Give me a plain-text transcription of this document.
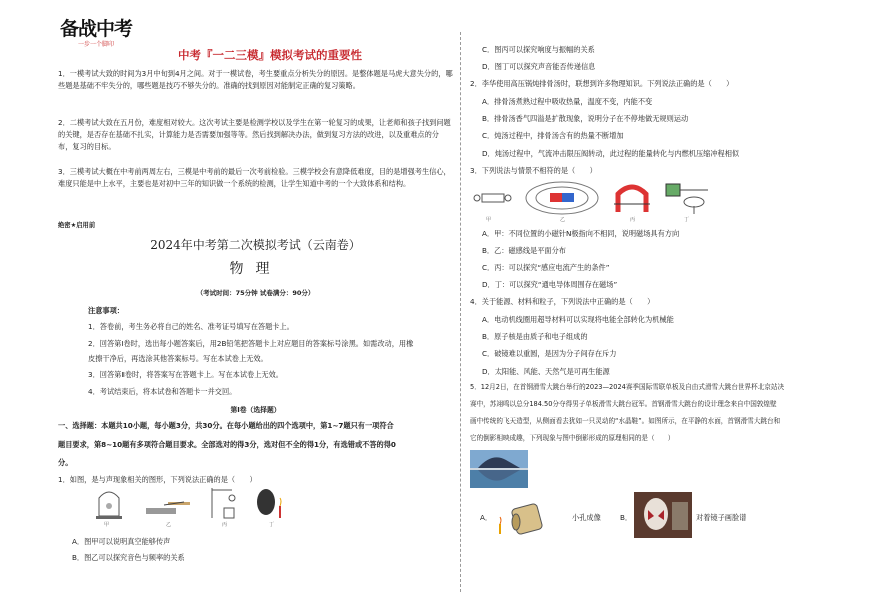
备战中考
一步一个脚印
中考『一二三模』模拟考试的重要性

1．一模考试大致的时间为3月中旬到4月之间。对于一模试卷，考生要重点分析失分的原因。是整体题是马虎大意失分的，哪些题是基础不牢失分的，哪些题是技巧不够失分的。准确的找到原因对能制定正确的复习策略。

2．二模考试大致在五月份，难度相对较大。这次考试主要是检测学校以及学生在第一轮复习的成果，让老师和孩子找到问题的关键，是否存在基础不扎实，计算能力是否需要加强等等。然后找到解决办法，做到复习方法的改进，以及重难点的分布，复习的目标。

3．三模考试大概在中考前两周左右，三模是中考前的最后一次考前检验。三模学校会有意降低难度，目的是增强考生信心，难度只能是中上水平，主要也是对初中三年的知识做一个系统的检测，让学生知道中考的一个大致体系和结构。

绝密★启用前
2024年中考第二次模拟考试（云南卷）
物理
（考试时间：75分钟 试卷满分：90分）
注意事项：
1．答卷前，考生务必将自己的姓名、准考证号填写在答题卡上。
2．回答第Ⅰ卷时，选出每小题答案后，用2B铅笔把答题卡上对应题目的答案标号涂黑。如需改动，用橡
皮擦干净后，再选涂其他答案标号。写在本试卷上无效。
3．回答第Ⅱ卷时，将答案写在答题卡上。写在本试卷上无效。
4．考试结束后，将本试卷和答题卡一并交回。
第Ⅰ卷（选择题）
一、选择题：本题共10小题，每小题3分，共30分。在每小题给出的四个选项中，第1~7题只有一项符合
题目要求，第8~10题有多项符合题目要求。全部选对的得3分，选对但不全的得1分，有选错或不答的得0
分。
1．如图，是与声现象相关的图形，下列说法正确的是（　　）
甲	乙	丙	丁
A．图甲可以说明真空能够传声
B．图乙可以探究音色与频率的关系
C．图丙可以探究响度与振幅的关系
D．图丁可以探究声音能否传递信息
2．李华使用高压锅炖排骨汤时，联想到许多物理知识。下列说法正确的是（　　）
A．排骨汤煮熟过程中吸收热量，温度不变，内能不变
B．排骨汤香气四溢是扩散现象，说明分子在不停地做无规则运动
C．炖汤过程中，排骨汤含有的热量不断增加
D．炖汤过程中，气流冲击限压阀转动，此过程的能量转化与内燃机压缩冲程相似
3．下列说法与情景不相符的是（　　）
甲	乙	丙	丁
A．甲：不同位置的小磁针N极指向不相同，说明磁场具有方向
B．乙：磁感线是平面分布
C．丙：可以探究“感应电流产生的条件”
D．丁：可以探究“通电导体周围存在磁场”
4．关于能源、材料和粒子，下列说法中正确的是（　　）
A．电动机线圈用超导材料可以实现将电能全部转化为机械能
B．原子核是由质子和电子组成的
C．破镜难以重圆，是因为分子间存在斥力
D．太阳能、风能、天然气是可再生能源
5．12月2日，在首钢滑雪大跳台举行的2023—2024赛季国际雪联单板及自由式滑雪大跳台世界杯北京站决
赛中，苏翊鸣以总分184.50分夺得男子单板滑雪大跳台冠军。首钢滑雪大跳台的设计理念来自中国敦煌壁
画中传统的飞天造型，从侧面看去犹如一只灵动的“水晶鞋”。如图所示，在平静的水面，首钢滑雪大跳台和
它的倒影相映成趣，下列现象与图中倒影形成的原理相同的是（　　）
A．	小孔成像	B．	对着镜子画脸谱
